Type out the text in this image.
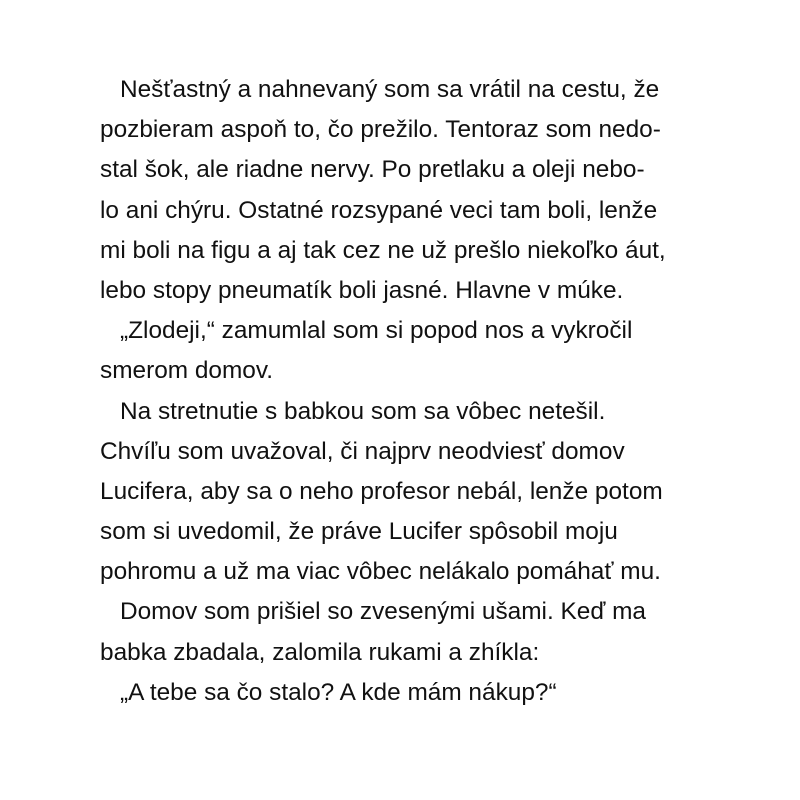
Nešťastný a nahnevaný som sa vrátil na cestu, že
pozbieram aspoň to, čo prežilo. Tentoraz som nedo-
stal šok, ale riadne nervy. Po pretlaku a oleji nebo-
lo ani chýru. Ostatné rozsypané veci tam boli, lenže
mi boli na figu a aj tak cez ne už prešlo niekoľko áut,
lebo stopy pneumatík boli jasné. Hlavne v múke.
„Zlodeji,“ zamumlal som si popod nos a vykročil
smerom domov.
Na stretnutie s babkou som sa vôbec netešil.
Chvíľu som uvažoval, či najprv neodviesť domov
Lucifera, aby sa o neho profesor nebál, lenže potom
som si uvedomil, že práve Lucifer spôsobil moju
pohromu a už ma viac vôbec nelákalo pomáhať mu.
Domov som prišiel so zvesenými ušami. Keď ma
babka zbadala, zalomila rukami a zhíkla:
„A tebe sa čo stalo? A kde mám nákup?“
